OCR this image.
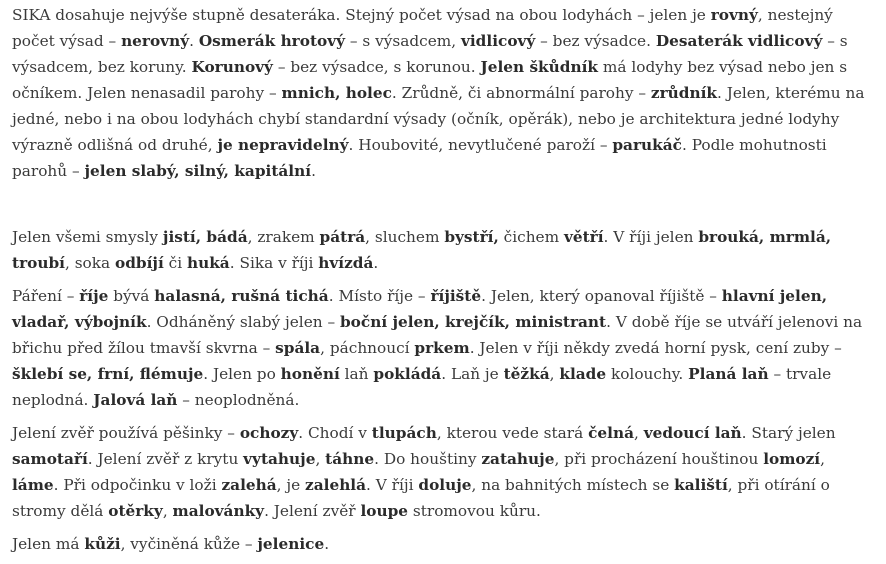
SIKA dosahuje nejvýše stupně desateráka. Stejný počet výsad na obou lodyhách – jelen je rovný, nestejný počet výsad – nerovný. Osmerák hrotový – s výsadcem, vidlicový – bez výsadce. Desaterák vidlicový – s výsadcem, bez koruny. Korunový – bez výsadce, s korunou. Jelen škůdník má lodyhy bez výsad nebo jen s očníkem. Jelen nenasadil parohy – mnich, holec. Zrůdně, či abnormální parohy – zrůdník. Jelen, kterému na jedné, nebo i na obou lodyhách chybí standardní výsady (očník, opěrák), nebo je architektura jedné lodyhy výrazně odlišná od druhé, je nepravidelný. Houbovité, nevytlučené paroží – parukáč. Podle mohutnosti parohů – jelen slabý, silný, kapitální.

Jelen všemi smysly jistí, bádá, zrakem pátrá, sluchem bystří, čichem větří. V říji jelen brouká, mrmlá, troubí, soka odbíjí či huká. Sika v říji hvízdá.

Páření – říje bývá halasná, rušná tichá. Místo říje – říjiště. Jelen, který opanoval říjiště – hlavní jelen, vladař, výbojník. Odháněný slabý jelen – boční jelen, krejčík, ministrant. V době říje se utváří jelenovi na břichu před žílou tmavší skvrna – spála, páchnoucí prkem. Jelen v říji někdy zvedá horní pysk, cení zuby – šklebí se, frní, flémuje. Jelen po honění laň pokládá. Laň je těžká, klade kolouchy. Planá laň – trvale neplodná. Jalová laň – neoplodněná.

Jelení zvěř používá pěšinky – ochozy. Chodí v tlupách, kterou vede stará čelná, vedoucí laň. Starý jelen samotaří. Jelení zvěř z krytu vytahuje, táhne. Do houštiny zatahuje, při procházení houštinou lomozí, láme. Při odpočinku v loži zalehá, je zalehlá. V říji doluje, na bahnitých místech se kaliští, při otírání o stromy dělá otěrky, malovánky. Jelení zvěř loupe stromovou kůru.

Jelen má kůži, vyčiněná kůže – jelenice.
